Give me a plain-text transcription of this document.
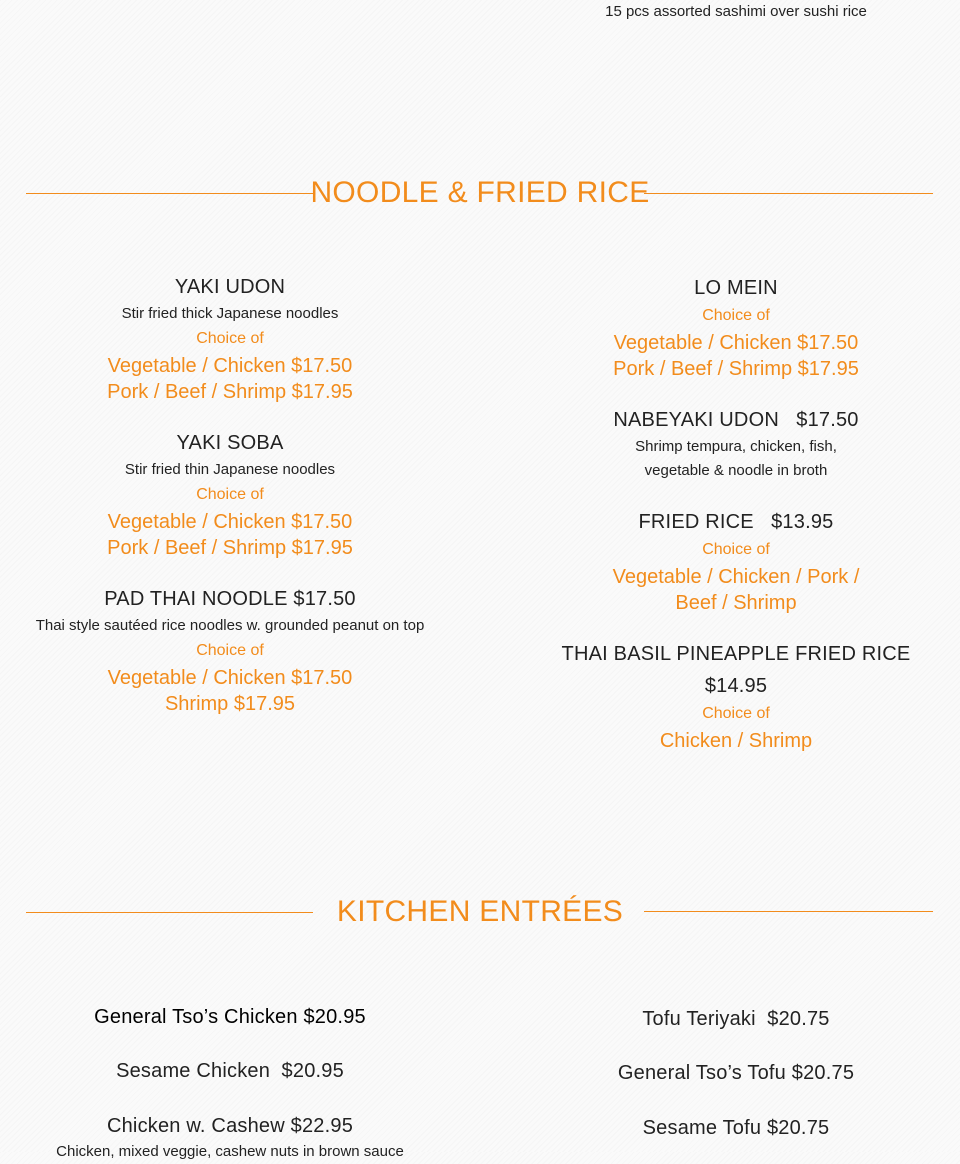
15 pcs assorted sashimi over sushi rice
NOODLE & FRIED RICE
YAKI UDON
Stir fried thick Japanese noodles
Choice of
Vegetable / Chicken $17.50
Pork / Beef / Shrimp $17.95
YAKI SOBA
Stir fried thin Japanese noodles
Choice of
Vegetable / Chicken $17.50
Pork / Beef / Shrimp $17.95
PAD THAI NOODLE $17.50
Thai style sautéed rice noodles w. grounded peanut on top
Choice of
Vegetable / Chicken $17.50
Shrimp $17.95
LO MEIN
Choice of
Vegetable / Chicken $17.50
Pork / Beef / Shrimp $17.95
NABEYAKI UDON   $17.50
Shrimp tempura, chicken, fish,
vegetable & noodle in broth
FRIED RICE   $13.95
Choice of
Vegetable / Chicken / Pork /
Beef / Shrimp
THAI BASIL PINEAPPLE FRIED RICE
$14.95
Choice of
Chicken / Shrimp
KITCHEN ENTRÉES
General Tso’s Chicken $20.95
Sesame Chicken  $20.95
Chicken w. Cashew $22.95
Chicken, mixed veggie, cashew nuts in brown sauce
Tofu Teriyaki  $20.75
General Tso’s Tofu $20.75
Sesame Tofu $20.75
